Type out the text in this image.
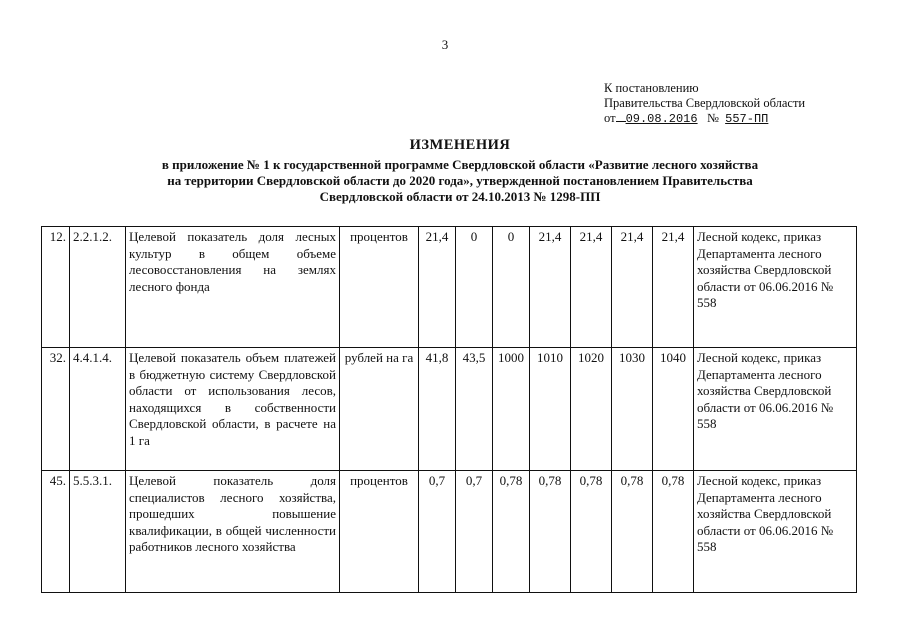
3
К постановлению
Правительства Свердловской области
от 09.08.2016 № 557-ПП
ИЗМЕНЕНИЯ
в приложение № 1 к государственной программе Свердловской области «Развитие лесного хозяйства
на территории Свердловской области до 2020 года», утвержденной постановлением Правительства
Свердловской области от 24.10.2013 № 1298-ПП
12.	2.2.1.2.	Целевой показатель доля лесных культур в общем объеме лесовосстановления на землях лесного фонда	процентов	21,4	0	0	21,4	21,4	21,4	21,4	Лесной кодекс, приказ Департамента лесного хозяйства Свердловской области от 06.06.2016 № 558
32.	4.4.1.4.	Целевой показатель объем платежей в бюджетную систему Свердловской области от использования лесов, находящихся в собственности Свердловской области, в расчете на 1 га	рублей на га	41,8	43,5	1000	1010	1020	1030	1040	Лесной кодекс, приказ Департамента лесного хозяйства Свердловской области от 06.06.2016 № 558
45.	5.5.3.1.	Целевой показатель доля специалистов лесного хозяйства, прошедших повышение квалификации, в общей численности работников лесного хозяйства	процентов	0,7	0,7	0,78	0,78	0,78	0,78	0,78	Лесной кодекс, приказ Департамента лесного хозяйства Свердловской области от 06.06.2016 № 558
